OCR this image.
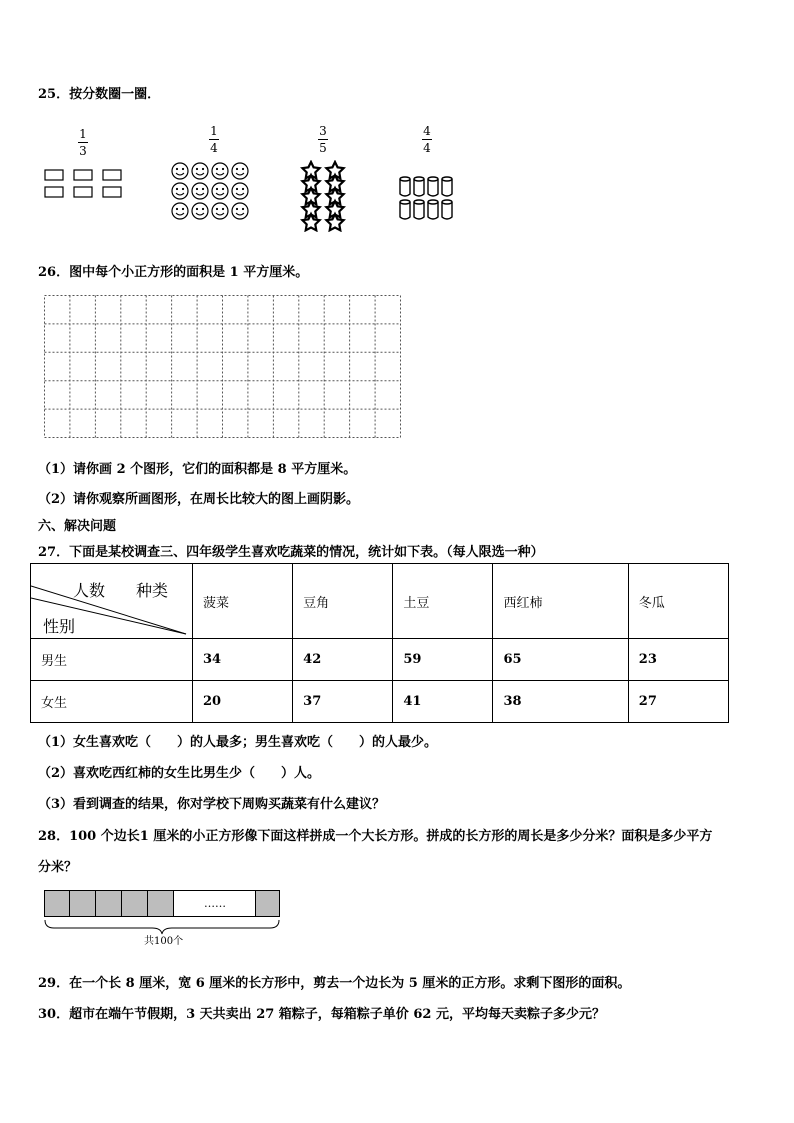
25．按分数圈一圈．
1
3
1
4
3
5
4
4
26．图中每个小正方形的面积是 1 平方厘米。
（1）请你画 2 个图形，它们的面积都是 8 平方厘米。
（2）请你观察所画图形，在周长比较大的图上画阴影。
六、解决问题
27．下面是某校调查三、四年级学生喜欢吃蔬菜的情况，统计如下表。（每人限选一种）
人数 种类
性别	菠菜	豆角	土豆	西红柿	冬瓜
男生	34	42	59	65	23
女生	20	37	41	38	27
（1）女生喜欢吃（　　）的人最多；男生喜欢吃（　　）的人最少。
（2）喜欢吃西红柿的女生比男生少（　　）人。
（3）看到调查的结果，你对学校下周购买蔬菜有什么建议？
28．100 个边长1 厘米的小正方形像下面这样拼成一个大长方形。拼成的长方形的周长是多少分米？面积是多少平方
分米？
……
共100个
29．在一个长 8 厘米，宽 6 厘米的长方形中，剪去一个边长为 5 厘米的正方形。求剩下图形的面积。
30．超市在端午节假期，3 天共卖出 27 箱粽子，每箱粽子单价 62 元，平均每天卖粽子多少元？
